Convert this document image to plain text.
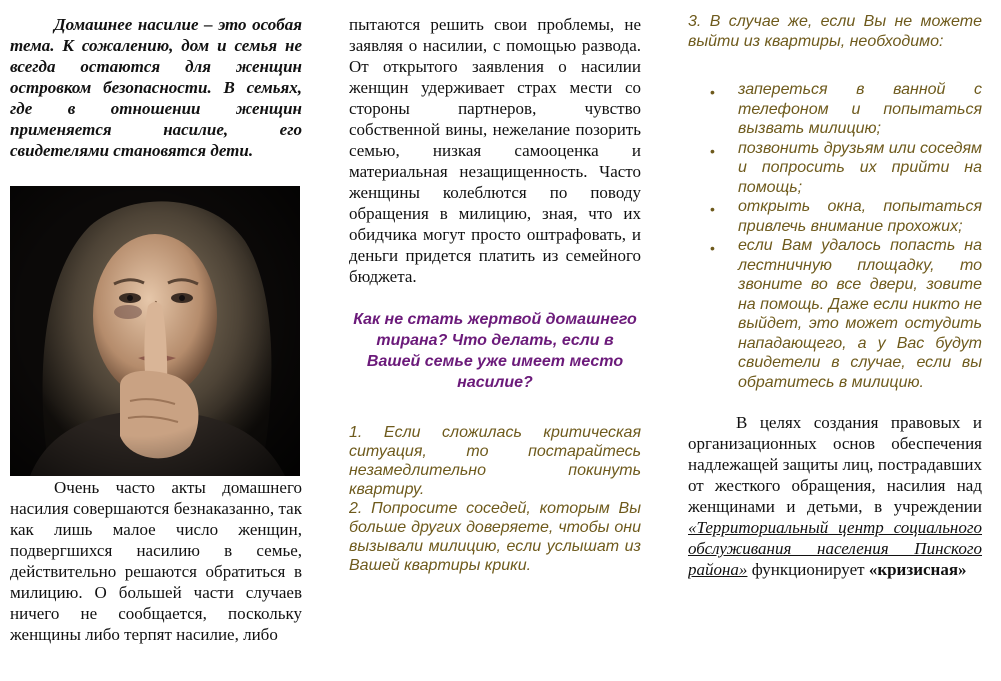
Домашнее насилие – это особая тема. К сожалению, дом и семья не всегда остаются для женщин островком безопасности. В семьях, где в отношении женщин применяется насилие, его свидетелями становятся дети.
Очень часто акты домашнего насилия совершаются безнаказанно, так как лишь малое число женщин, подвергшихся насилию в семье, действительно решаются обратиться в милицию. О большей части случаев ничего не сообщается, поскольку женщины либо терпят насилие, либо
пытаются решить свои проблемы, не заявляя о насилии, с помощью развода. От открытого заявления о насилии женщин удерживает страх мести со стороны партнеров, чувство собственной вины, нежелание позорить семью, низкая самооценка и материальная незащищенность. Часто женщины колеблются по поводу обращения в милицию, зная, что их обидчика могут просто оштрафовать, и деньги придется платить из семейного бюджета.
Как не стать жертвой домашнего тирана? Что делать, если в Вашей семье уже имеет место насилие?

1. Если сложилась критическая ситуация, то постарайтесь незамедлительно покинуть квартиру.

2. Попросите соседей, которым Вы больше других доверяете, чтобы они вызывали милицию, если услышат из Вашей квартиры крики.

3. В случае же, если Вы не можете выйти из квартиры, необходимо:
• запереться в ванной с телефоном и попытаться вызвать милицию;
• позвонить друзьям или соседям и попросить их прийти на помощь;
• открыть окна, попытаться привлечь внимание прохожих;
• если Вам удалось попасть на лестничную площадку, то звоните во все двери, зовите на помощь. Даже если никто не выйдет, это может остудить нападающего, а у Вас будут свидетели в случае, если вы обратитесь в милицию.
В целях создания правовых и организационных основ обеспечения надлежащей защиты лиц, пострадавших от жесткого обращения, насилия над женщинами и детьми, в учреждении «Территориальный центр социального обслуживания населения Пинского района» функционирует «кризисная»
